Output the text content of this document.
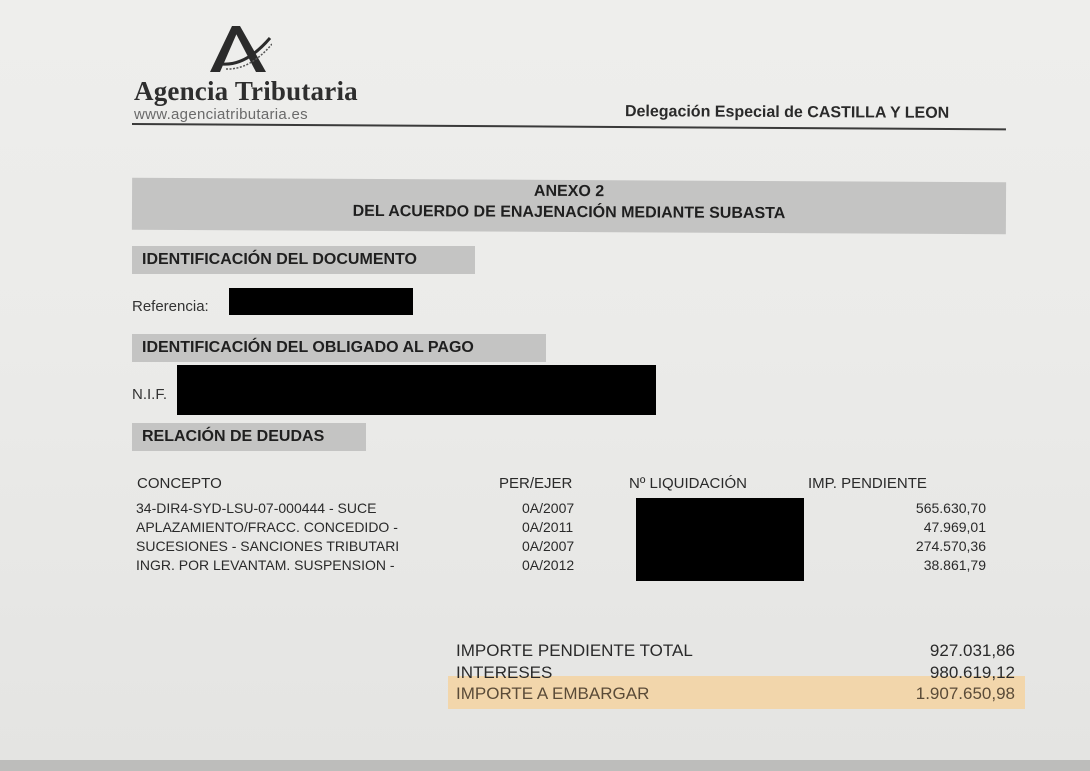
Agencia Tributaria
www.agenciatributaria.es	Delegación Especial de CASTILLA Y LEON
ANEXO 2
DEL ACUERDO DE ENAJENACIÓN MEDIANTE SUBASTA
IDENTIFICACIÓN DEL DOCUMENTO
Referencia:
IDENTIFICACIÓN DEL OBLIGADO AL PAGO
N.I.F.
RELACIÓN DE DEUDAS
CONCEPTO	PER/EJER	Nº LIQUIDACIÓN	IMP. PENDIENTE
34-DIR4-SYD-LSU-07-000444 - SUCE	0A/2007	565.630,70
APLAZAMIENTO/FRACC. CONCEDIDO -	0A/2011	47.969,01
SUCESIONES - SANCIONES TRIBUTARI	0A/2007	274.570,36
INGR. POR LEVANTAM. SUSPENSION -	0A/2012	38.861,79
IMPORTE PENDIENTE TOTAL	927.031,86
INTERESES	980.619,12
IMPORTE A EMBARGAR	1.907.650,98
